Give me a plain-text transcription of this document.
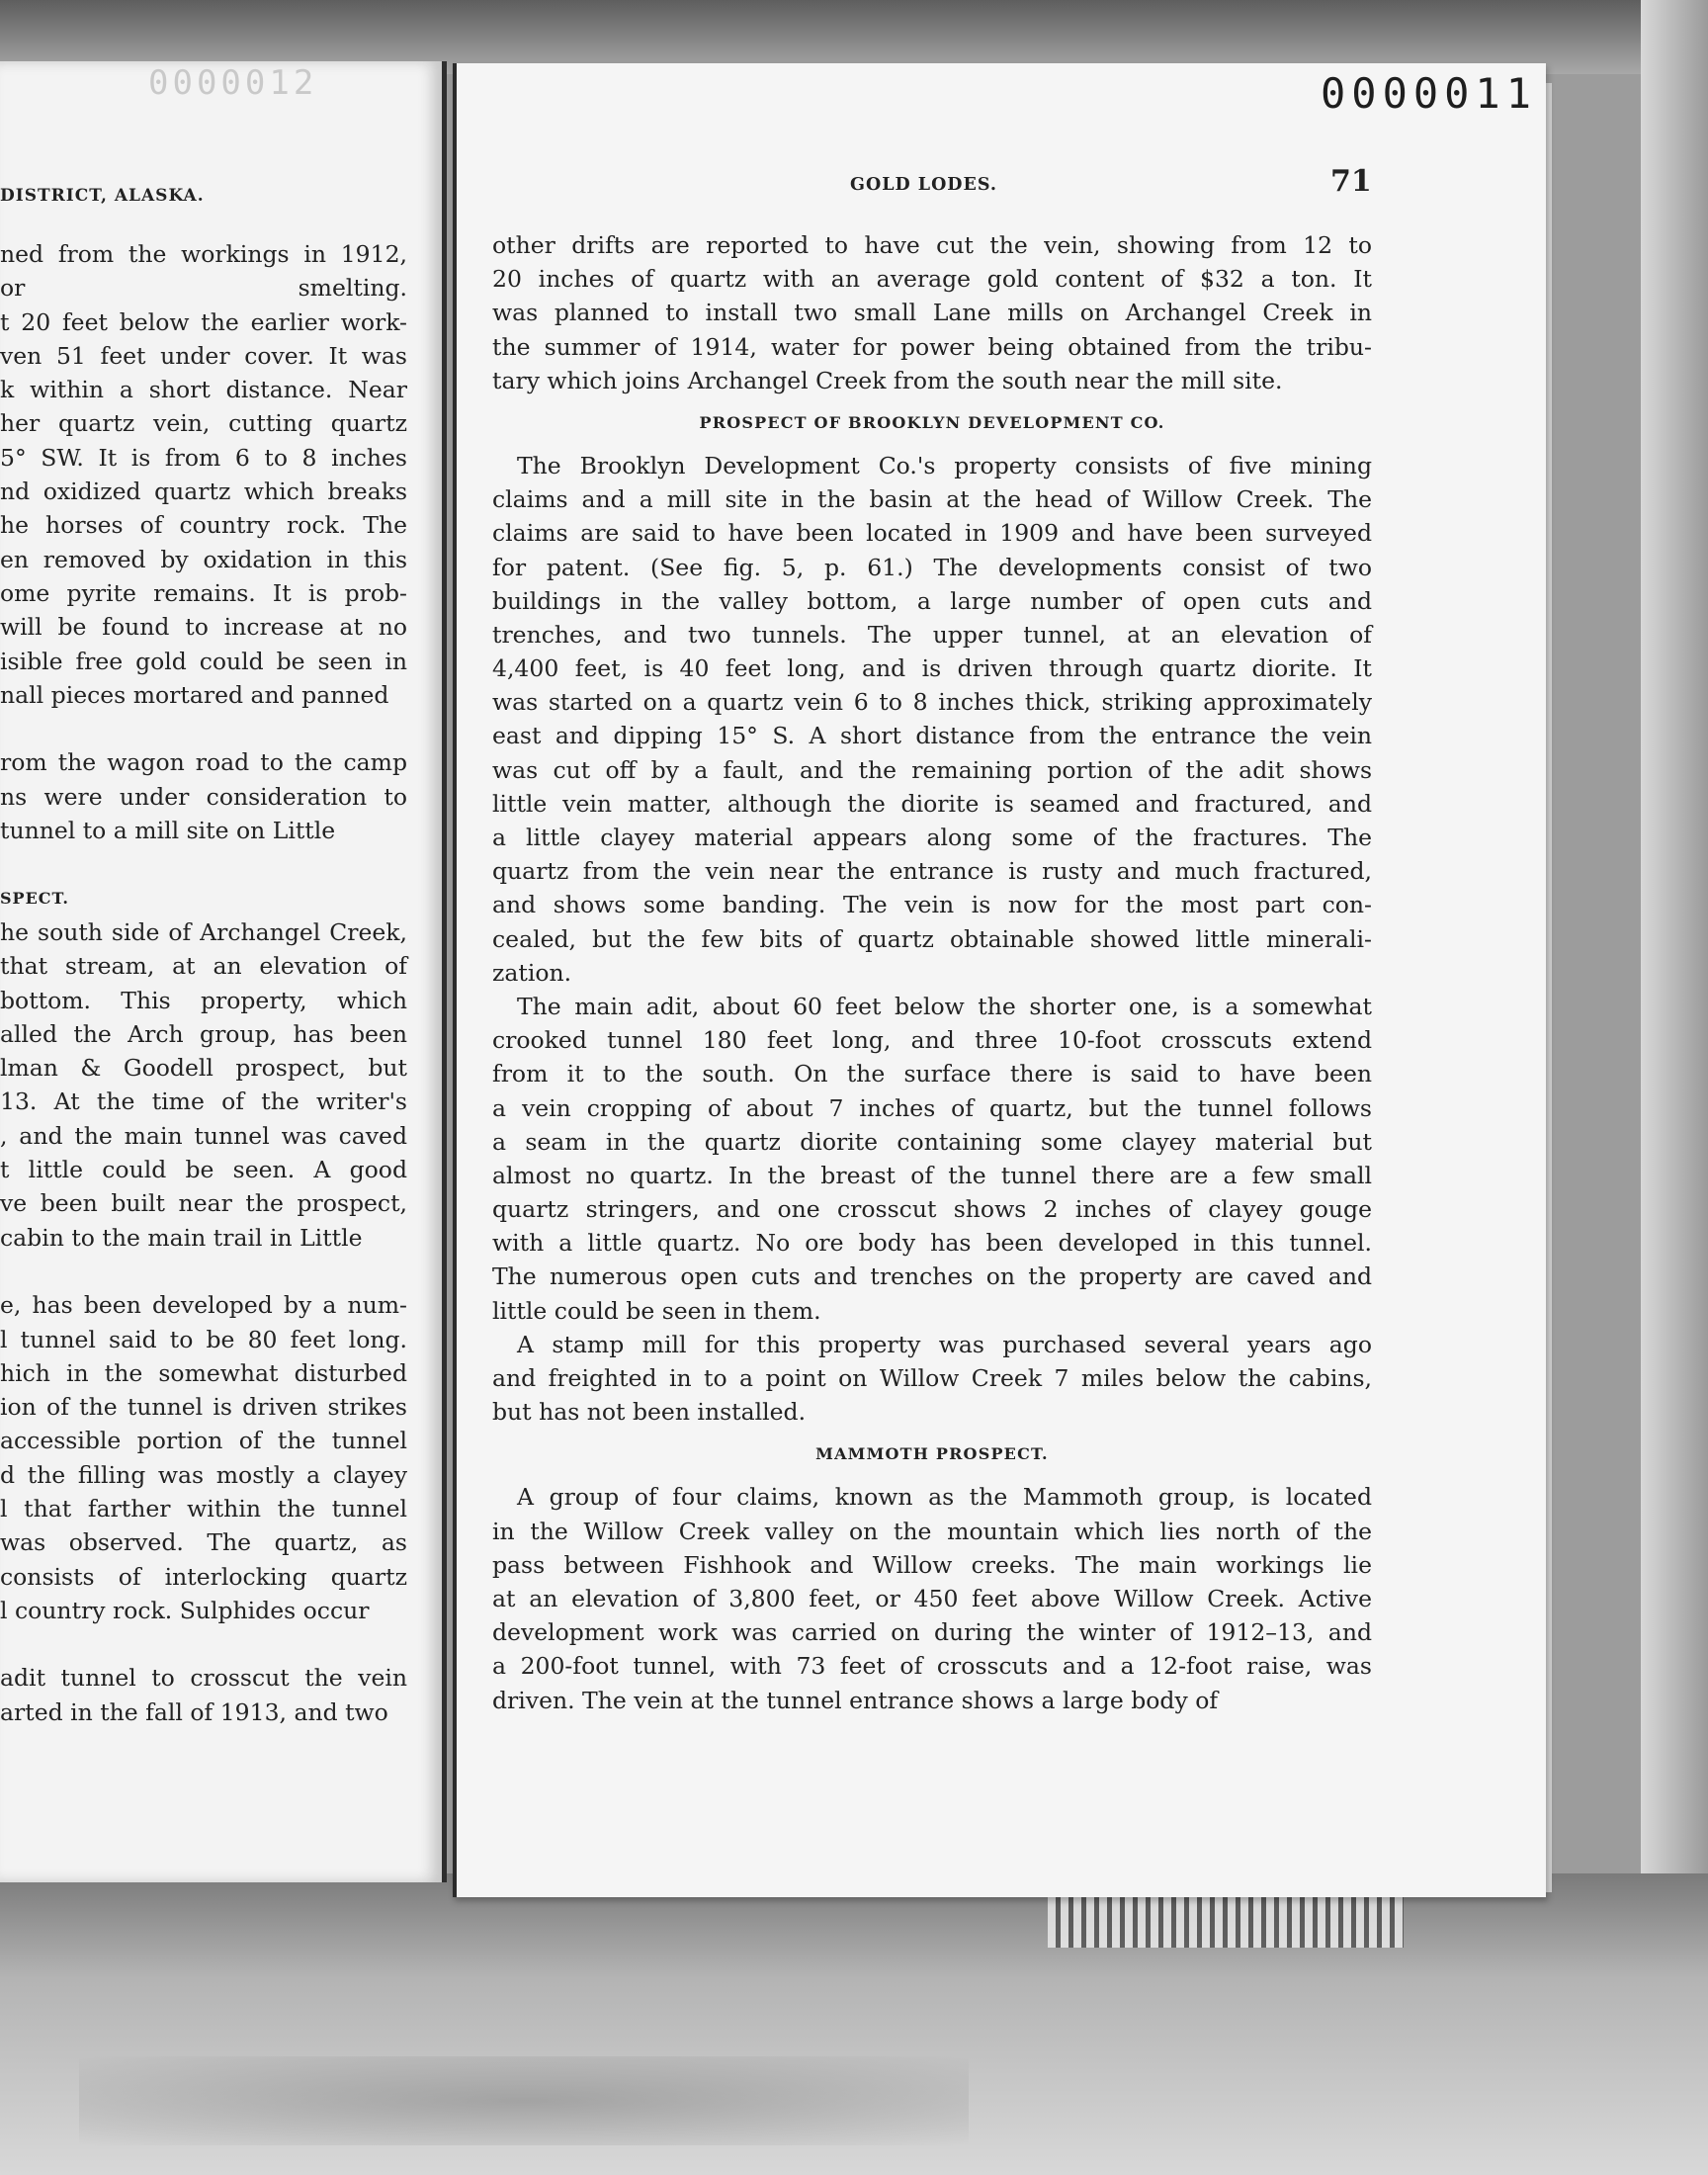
0000012
DISTRICT, ALASKA.
ned from the workings in 1912,
or smelting.
t 20 feet below the earlier work-
ven 51 feet under cover. It was
k within a short distance. Near
her quartz vein, cutting quartz
5° SW. It is from 6 to 8 inches
nd oxidized quartz which breaks
he horses of country rock. The
en removed by oxidation in this
ome pyrite remains. It is prob-
will be found to increase at no
isible free gold could be seen in
nall pieces mortared and panned
rom the wagon road to the camp
ns were under consideration to
tunnel to a mill site on Little
SPECT.
he south side of Archangel Creek,
that stream, at an elevation of
bottom. This property, which
alled the Arch group, has been
lman & Goodell prospect, but
13. At the time of the writer's
, and the main tunnel was caved
t little could be seen. A good
ve been built near the prospect,
cabin to the main trail in Little
e, has been developed by a num-
l tunnel said to be 80 feet long.
hich in the somewhat disturbed
ion of the tunnel is driven strikes
accessible portion of the tunnel
d the filling was mostly a clayey
l that farther within the tunnel
was observed. The quartz, as
consists of interlocking quartz
l country rock. Sulphides occur
adit tunnel to crosscut the vein
arted in the fall of 1913, and two
0000011
GOLD LODES.	71
other drifts are reported to have cut the vein, showing from 12 to
20 inches of quartz with an average gold content of $32 a ton. It
was planned to install two small Lane mills on Archangel Creek in
the summer of 1914, water for power being obtained from the tribu-
tary which joins Archangel Creek from the south near the mill site.
PROSPECT OF BROOKLYN DEVELOPMENT CO.
The Brooklyn Development Co.'s property consists of five mining
claims and a mill site in the basin at the head of Willow Creek. The
claims are said to have been located in 1909 and have been surveyed
for patent. (See fig. 5, p. 61.) The developments consist of two
buildings in the valley bottom, a large number of open cuts and
trenches, and two tunnels. The upper tunnel, at an elevation of
4,400 feet, is 40 feet long, and is driven through quartz diorite. It
was started on a quartz vein 6 to 8 inches thick, striking approximately
east and dipping 15° S. A short distance from the entrance the vein
was cut off by a fault, and the remaining portion of the adit shows
little vein matter, although the diorite is seamed and fractured, and
a little clayey material appears along some of the fractures. The
quartz from the vein near the entrance is rusty and much fractured,
and shows some banding. The vein is now for the most part con-
cealed, but the few bits of quartz obtainable showed little minerali-
zation.
The main adit, about 60 feet below the shorter one, is a somewhat
crooked tunnel 180 feet long, and three 10-foot crosscuts extend
from it to the south. On the surface there is said to have been
a vein cropping of about 7 inches of quartz, but the tunnel follows
a seam in the quartz diorite containing some clayey material but
almost no quartz. In the breast of the tunnel there are a few small
quartz stringers, and one crosscut shows 2 inches of clayey gouge
with a little quartz. No ore body has been developed in this tunnel.
The numerous open cuts and trenches on the property are caved and
little could be seen in them.
A stamp mill for this property was purchased several years ago
and freighted in to a point on Willow Creek 7 miles below the cabins,
but has not been installed.
MAMMOTH PROSPECT.
A group of four claims, known as the Mammoth group, is located
in the Willow Creek valley on the mountain which lies north of the
pass between Fishhook and Willow creeks. The main workings lie
at an elevation of 3,800 feet, or 450 feet above Willow Creek. Active
development work was carried on during the winter of 1912–13, and
a 200-foot tunnel, with 73 feet of crosscuts and a 12-foot raise, was
driven. The vein at the tunnel entrance shows a large body of
